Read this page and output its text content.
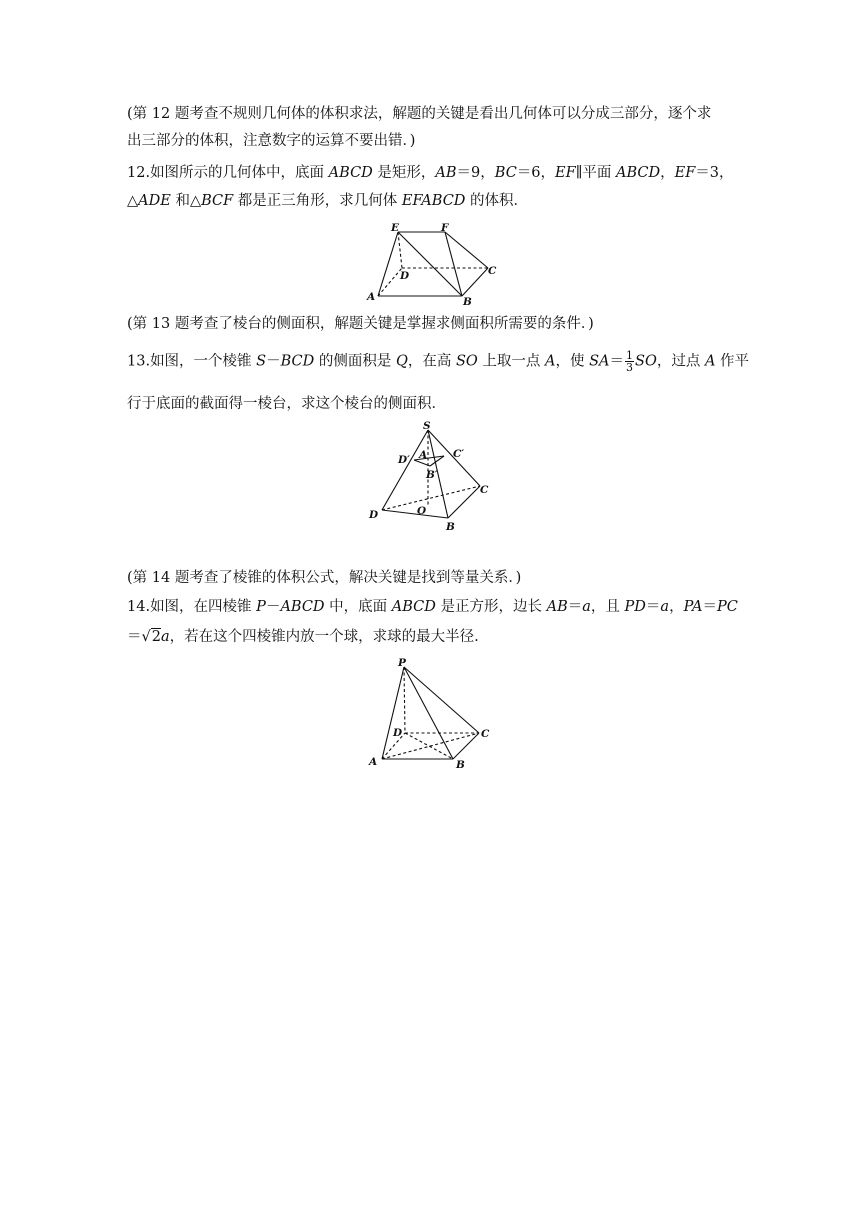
(第 12 题考查不规则几何体的体积求法，解题的关键是看出几何体可以分成三部分，逐个求
出三部分的体积，注意数字的运算不要出错．)
12.如图所示的几何体中，底面 ABCD 是矩形，AB＝9，BC＝6，EF∥平面 ABCD，EF＝3，
△ADE 和△BCF 都是正三角形，求几何体 EFABCD 的体积．
E	F
D	C
A	B
(第 13 题考查了棱台的侧面积，解题关键是掌握求侧面积所需要的条件．)
13.如图，一个棱锥 S－BCD 的侧面积是 Q，在高 SO 上取一点 A，使 $SA= \frac{1}{3}$ SO，过点 A 作平
行于底面的截面得一棱台，求这个棱台的侧面积．
S
D′ A C′
B′
C
D	O
B
(第 14 题考查了棱锥的体积公式，解决关键是找到等量关系．)
14.如图，在四棱锥 P－ABCD 中，底面 ABCD 是正方形，边长 AB＝a，且 PD＝a，PA＝PC
＝√2a，若在这个四棱锥内放一个球，求球的最大半径.
P
D	C
A	B
